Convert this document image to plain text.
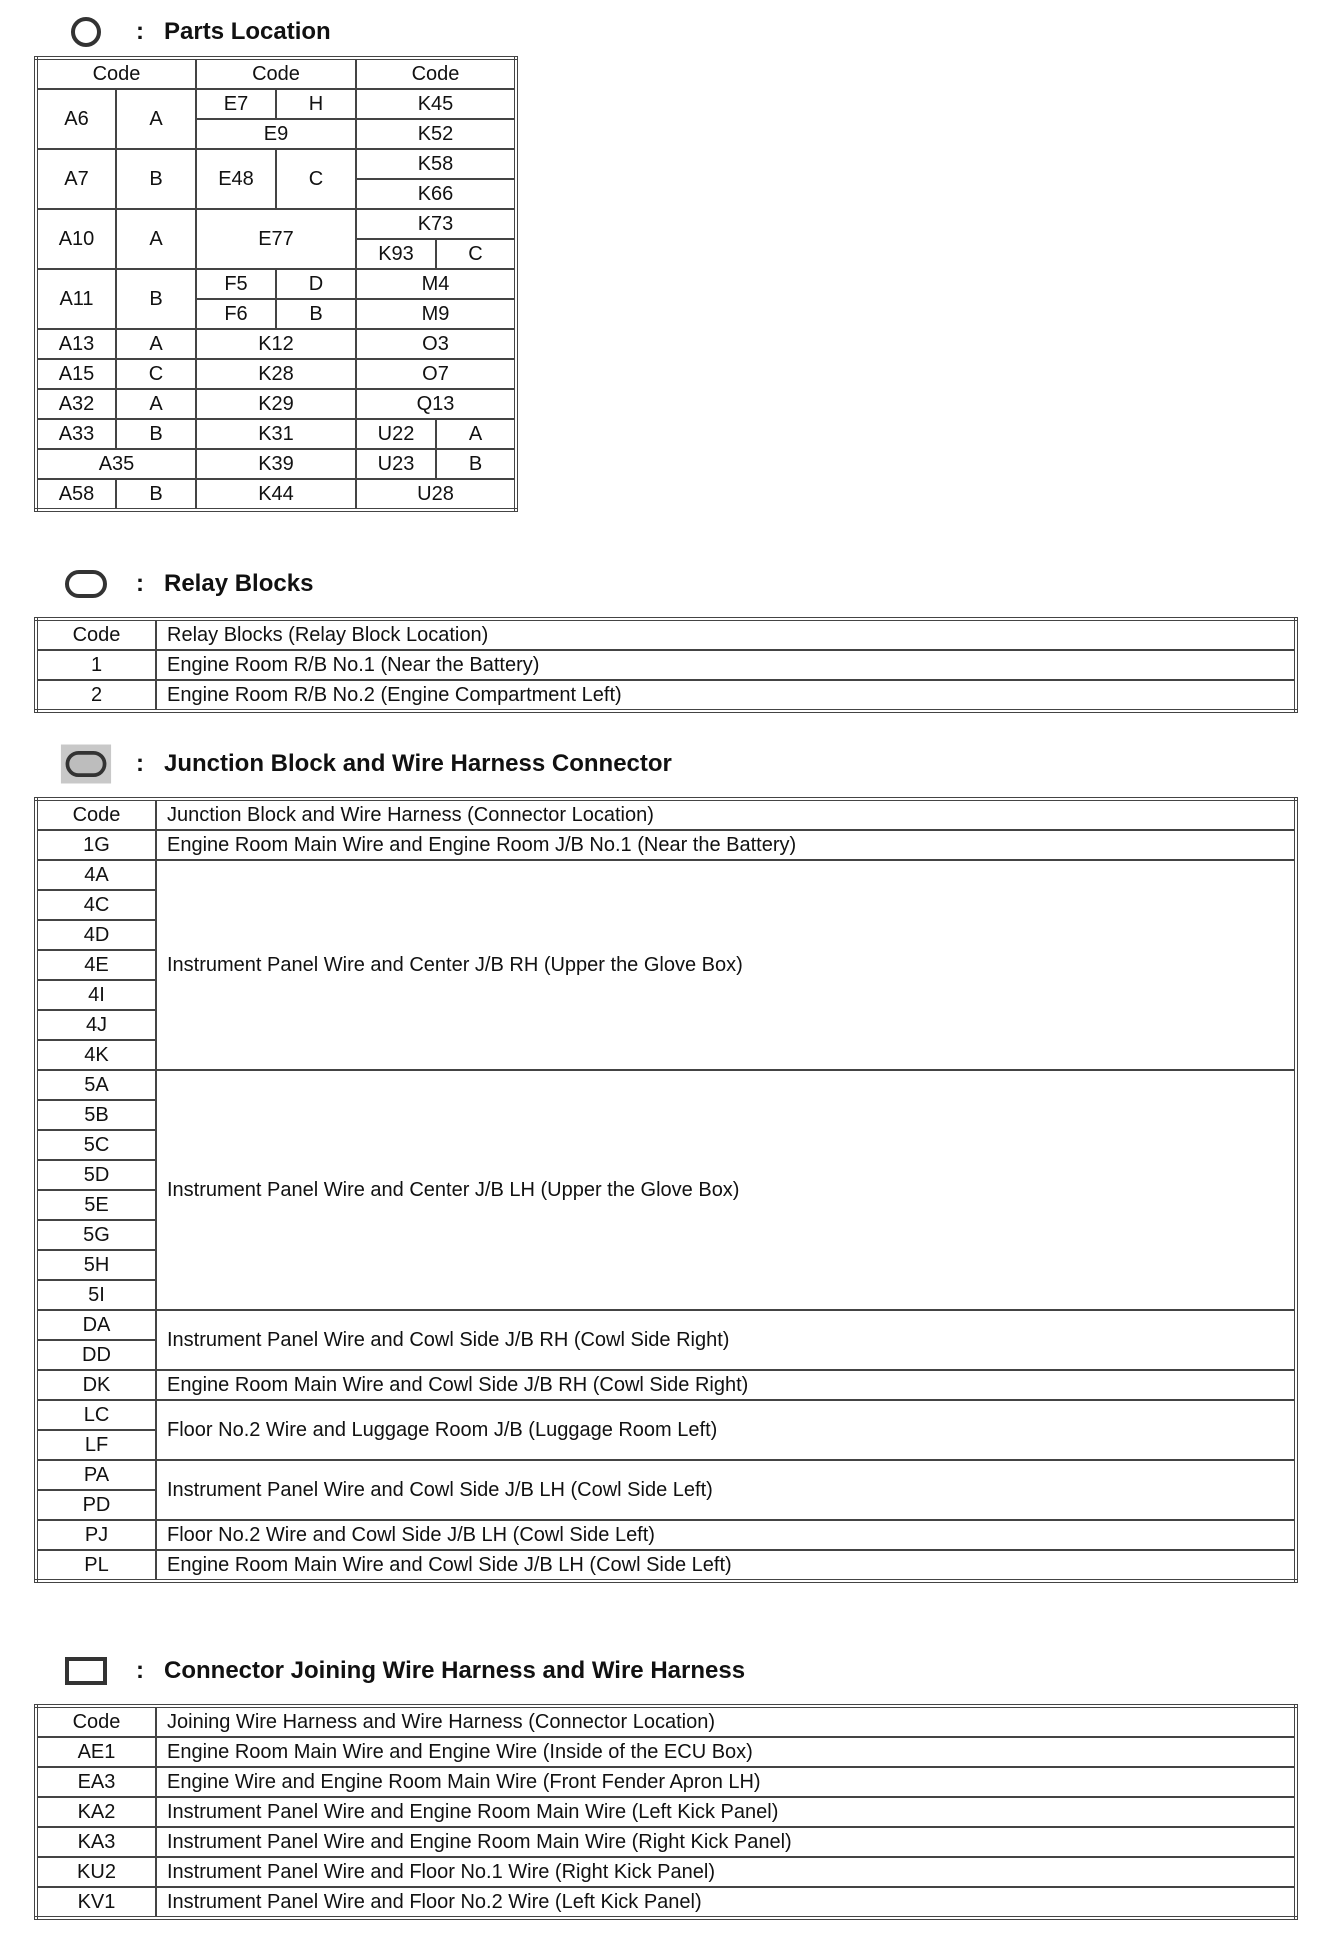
: Parts Location
Code		Code		Code	
A6	A	E7	H	K45	
		E9		K52	
A7	B	E48	C	K58	
				K66	
A10	A	E77		K73	
				K93	C
A11	B	F5	D	M4	
		F6	B	M9	
A13	A	K12		O3	
A15	C	K28		O7	
A32	A	K29		Q13	
A33	B	K31		U22	A
A35		K39		U23	B
A58	B	K44		U28	
: Relay Blocks
Code	Relay Blocks (Relay Block Location)
1	Engine Room R/B No.1 (Near the Battery)
2	Engine Room R/B No.2 (Engine Compartment Left)
: Junction Block and Wire Harness Connector
Code	Junction Block and Wire Harness (Connector Location)
1G	Engine Room Main Wire and Engine Room J/B No.1 (Near the Battery)
4A	Instrument Panel Wire and Center J/B RH (Upper the Glove Box)
4C	
4D	
4E	
4I	
4J	
4K	
5A	Instrument Panel Wire and Center J/B LH (Upper the Glove Box)
5B	
5C	
5D	
5E	
5G	
5H	
5I	
DA	Instrument Panel Wire and Cowl Side J/B RH (Cowl Side Right)
DD	
DK	Engine Room Main Wire and Cowl Side J/B RH (Cowl Side Right)
LC	Floor No.2 Wire and Luggage Room J/B (Luggage Room Left)
LF	
PA	Instrument Panel Wire and Cowl Side J/B LH (Cowl Side Left)
PD	
PJ	Floor No.2 Wire and Cowl Side J/B LH (Cowl Side Left)
PL	Engine Room Main Wire and Cowl Side J/B LH (Cowl Side Left)
: Connector Joining Wire Harness and Wire Harness
Code	Joining Wire Harness and Wire Harness (Connector Location)
AE1	Engine Room Main Wire and Engine Wire (Inside of the ECU Box)
EA3	Engine Wire and Engine Room Main Wire (Front Fender Apron LH)
KA2	Instrument Panel Wire and Engine Room Main Wire (Left Kick Panel)
KA3	Instrument Panel Wire and Engine Room Main Wire (Right Kick Panel)
KU2	Instrument Panel Wire and Floor No.1 Wire (Right Kick Panel)
KV1	Instrument Panel Wire and Floor No.2 Wire (Left Kick Panel)
